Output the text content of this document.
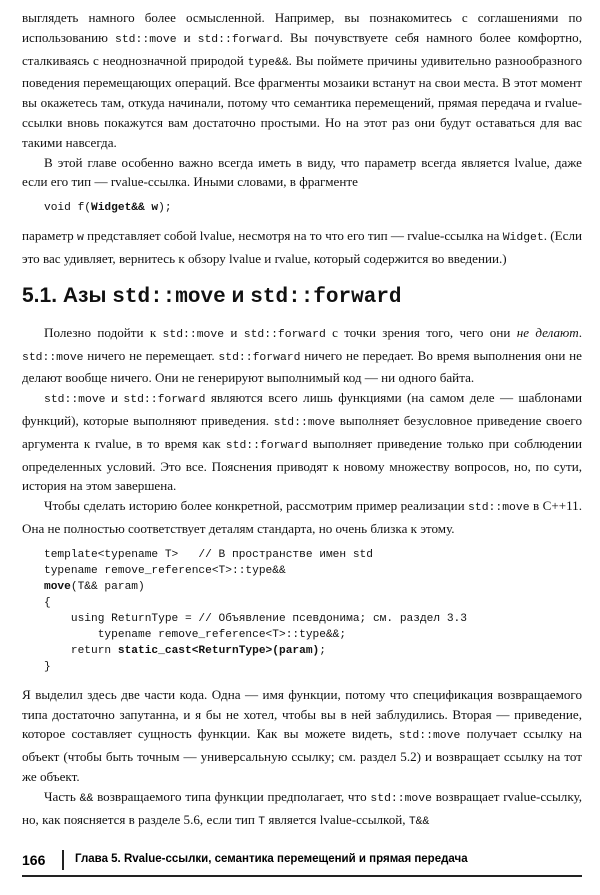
выглядеть намного более осмысленной. Например, вы познакомитесь с соглашениями по использованию std::move и std::forward. Вы почувствуете себя намного более комфортно, сталкиваясь с неоднозначной природой type&&. Вы поймете причины удивительно разнообразного поведения перемещающих операций. Все фрагменты мозаики встанут на свои места. В этот момент вы окажетесь там, откуда начинали, потому что семантика перемещений, прямая передача и rvalue-ссылки вновь покажутся вам достаточно простыми. Но на этот раз они будут оставаться для вас такими навсегда.

В этой главе особенно важно всегда иметь в виду, что параметр всегда является lvalue, даже если его тип — rvalue-ссылка. Иными словами, в фрагменте

void f(Widget&& w);

параметр w представляет собой lvalue, несмотря на то что его тип — rvalue-ссылка на Widget. (Если это вас удивляет, вернитесь к обзору lvalue и rvalue, который содержится во введении.)

5.1. Азы std::move и std::forward

Полезно подойти к std::move и std::forward с точки зрения того, чего они не делают. std::move ничего не перемещает. std::forward ничего не передает. Во время выполнения они не делают вообще ничего. Они не генерируют выполнимый код — ни одного байта.

std::move и std::forward являются всего лишь функциями (на самом деле — шаблонами функций), которые выполняют приведения. std::move выполняет безусловное приведение своего аргумента к rvalue, в то время как std::forward выполняет приведение только при соблюдении определенных условий. Это все. Пояснения приводят к новому множеству вопросов, но, по сути, история на этом завершена.

Чтобы сделать историю более конкретной, рассмотрим пример реализации std::move в C++11. Она не полностью соответствует деталям стандарта, но очень близка к этому.

template<typename T>   // В пространстве имен std
typename remove_reference<T>::type&&
move(T&& param)
{
using ReturnType = // Объявление псевдонима; см. раздел 3.3
typename remove_reference<T>::type&&;
return static_cast<ReturnType>(param);
}

Я выделил здесь две части кода. Одна — имя функции, потому что спецификация возвращаемого типа достаточно запутанна, и я бы не хотел, чтобы вы в ней заблудились. Вторая — приведение, которое составляет сущность функции. Как вы можете видеть, std::move получает ссылку на объект (чтобы быть точным — универсальную ссылку; см. раздел 5.2) и возвращает ссылку на тот же объект.

Часть && возвращаемого типа функции предполагает, что std::move возвращает rvalue-ссылку, но, как поясняется в разделе 5.6, если тип T является lvalue-ссылкой, T&&

166	Глава 5. Rvalue-ссылки, семантика перемещений и прямая передача
